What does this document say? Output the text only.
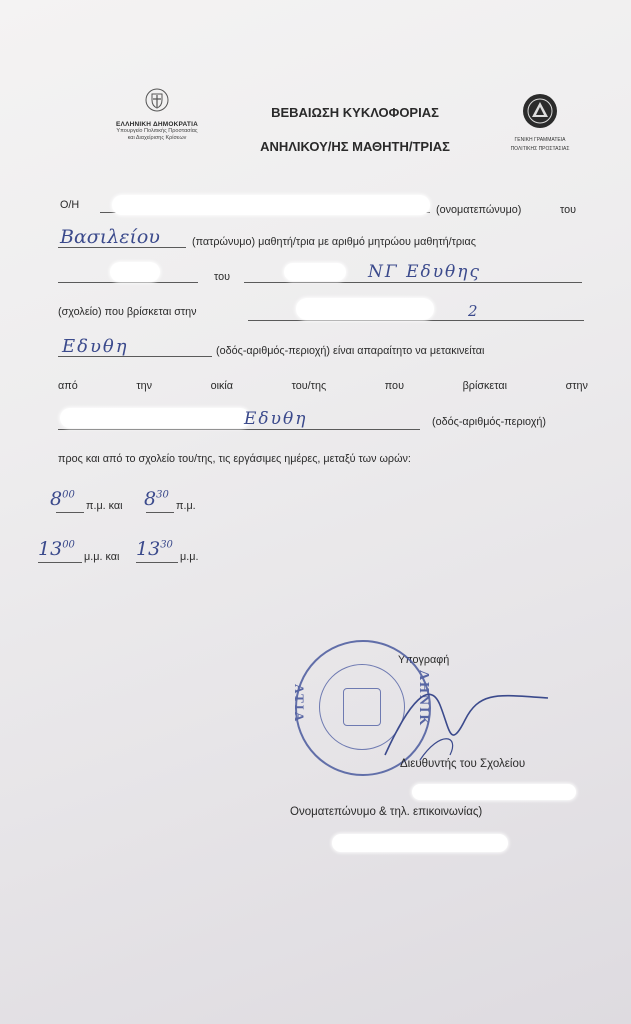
ΕΛΛΗΝΙΚΗ ΔΗΜΟΚΡΑΤΙΑ
Υπουργείο Πολιτικής Προστασίας
και Διαχείρισης Κρίσεων
ΒΕΒΑΙΩΣΗ ΚΥΚΛΟΦΟΡΙΑΣ
ΑΝΗΛΙΚΟΥ/ΗΣ ΜΑΘΗΤΗ/ΤΡΙΑΣ	ΓΕΝΙΚΗ ΓΡΑΜΜΑΤΕΙΑ
ΠΟΛΙΤΙΚΗΣ ΠΡΟΣΤΑΣΙΑΣ
Ο/Η	(ονοματεπώνυμο)	του
Βασιλείου	(πατρώνυμο) μαθητή/τρια με αριθμό μητρώου μαθητή/τριας
του	ΝΓ Εδυθης
(σχολείο) που βρίσκεται στην	2
Εδυθη	(οδός-αριθμός-περιοχή) είναι απαραίτητο να μετακινείται
από	την	οικία	του/της	που	βρίσκεται	στην
Εδυθη	(οδός-αριθμός-περιοχή)
προς και από το σχολείο του/της, τις εργάσιμες ημέρες, μεταξύ των ωρών:
$8^{00}$
π.μ. και $8^{30}$
π.μ.
$13^{00}$
μ.μ. και $13^{30}$
μ.μ.
Υπογραφή
ΑΤΙΑ	ΛΗΝΙΚ
Διευθυντής του Σχολείου
Ονοματεπώνυμο & τηλ. επικοινωνίας)
